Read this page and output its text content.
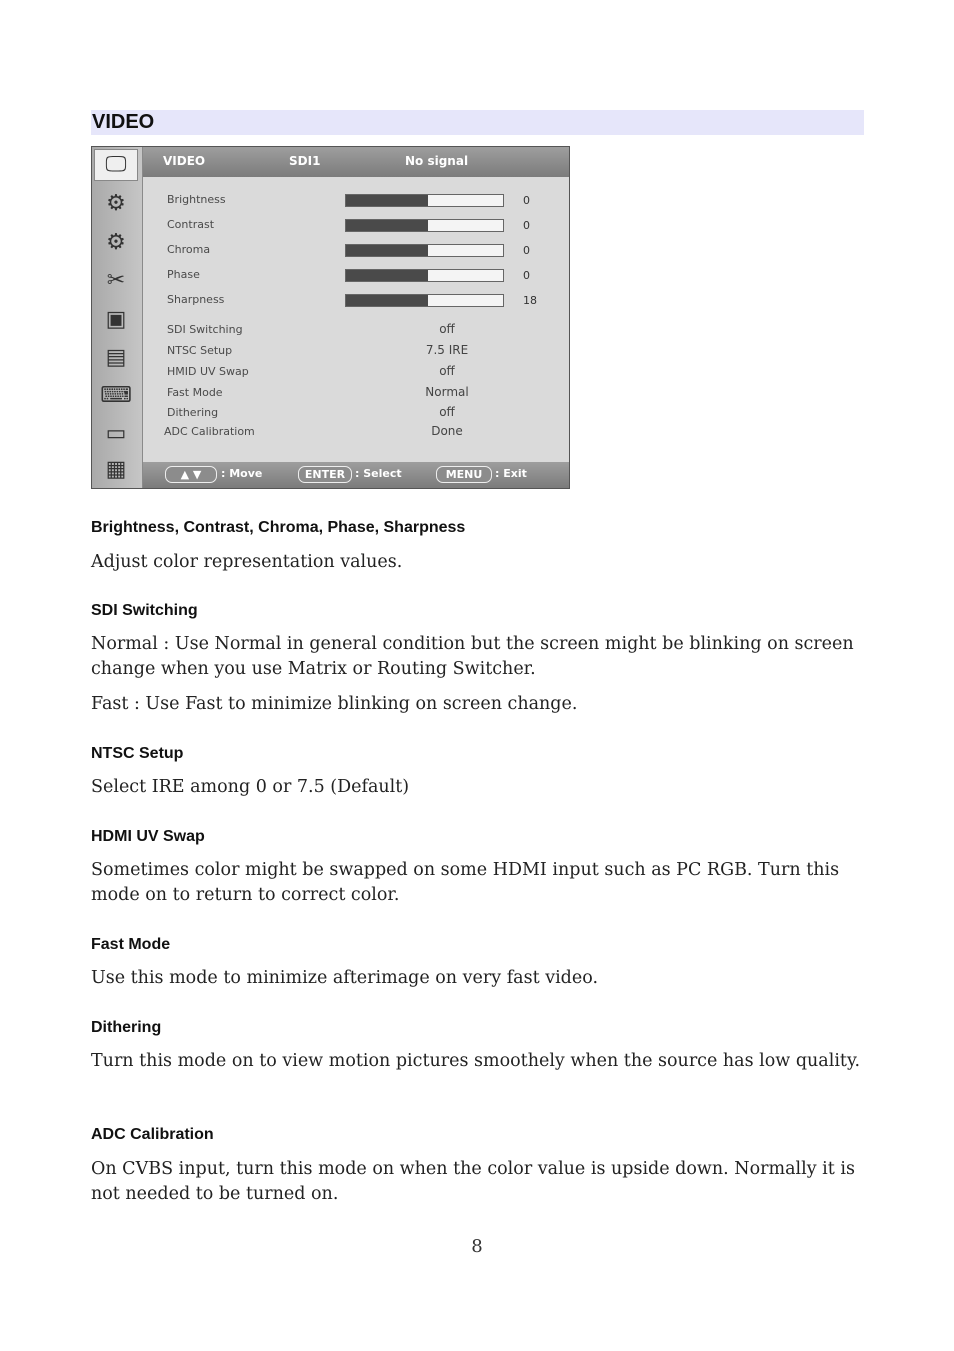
VIDEO
🖵
⚙
⚙
✂
▣
▤
⌨
▭
▦
VIDEO	SDI1	No signal
Brightness	0
Contrast	0
Chroma	0
Phase	0
Sharpness	18
SDI Switching	off
NTSC Setup	7.5 IRE
HMID UV Swap	off
Fast Mode	Normal
Dithering	off
ADC Calibratiom	Done
▲ ▼	: Move	ENTER : Select	MENU	: Exit
Brightness, Contrast, Chroma, Phase, Sharpness
Adjust color representation values.
SDI Switching
Normal : Use Normal in general condition but the screen might be blinking on screen change when you use Matrix or Routing Switcher.
Fast : Use Fast to minimize blinking on screen change.
NTSC Setup
Select IRE among 0 or 7.5 (Default)
HDMI UV Swap
Sometimes color might be swapped on some HDMI input such as PC RGB. Turn this mode on to return to correct color.
Fast Mode
Use this mode to minimize afterimage on very fast video.
Dithering
Turn this mode on to view motion pictures smoothely when the source has low quality.
ADC Calibration
On CVBS input, turn this mode on when the color value is upside down. Normally it is not needed to be turned on.
8
